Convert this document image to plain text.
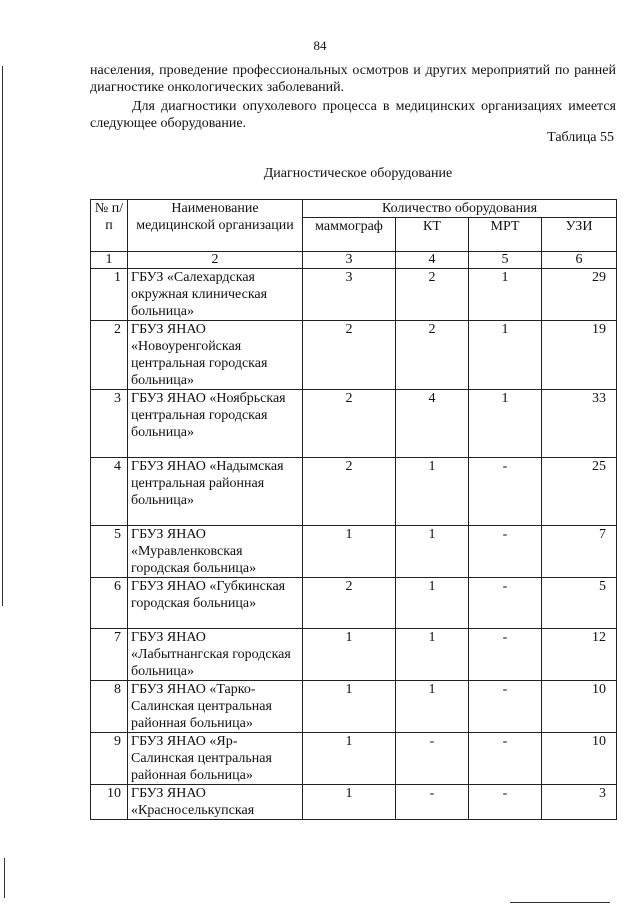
84
населения, проведение профессиональных осмотров и других мероприятий по ранней диагностике онкологических заболеваний.
Для диагностики опухолевого процесса в медицинских организациях имеется следующее оборудование.
Таблица 55
Диагностическое оборудование
№ п/п	Наименование медицинской организации	Количество оборудования			
		маммограф	КТ	МРТ	УЗИ
1	2	3	4	5	6
1	ГБУЗ «Салехардская окружная клиническая больница»	3	2	1	29
2	ГБУЗ ЯНАО «Новоуренгойская центральная городская больница»	2	2	1	19
3	ГБУЗ ЯНАО «Ноябрьская центральная городская больница»	2	4	1	33
4	ГБУЗ ЯНАО «Надымская центральная районная больница»	2	1	-	25
5	ГБУЗ ЯНАО «Муравленковская городская больница»	1	1	-	7
6	ГБУЗ ЯНАО «Губкинская городская больница»	2	1	-	5
7	ГБУЗ ЯНАО «Лабытнангская городская больница»	1	1	-	12
8	ГБУЗ ЯНАО «Тарко-Салинская центральная районная больница»	1	1	-	10
9	ГБУЗ ЯНАО «Яр-Салинская центральная районная больница»	1	-	-	10
10	ГБУЗ ЯНАО «Красноселькупская	1	-	-	3
